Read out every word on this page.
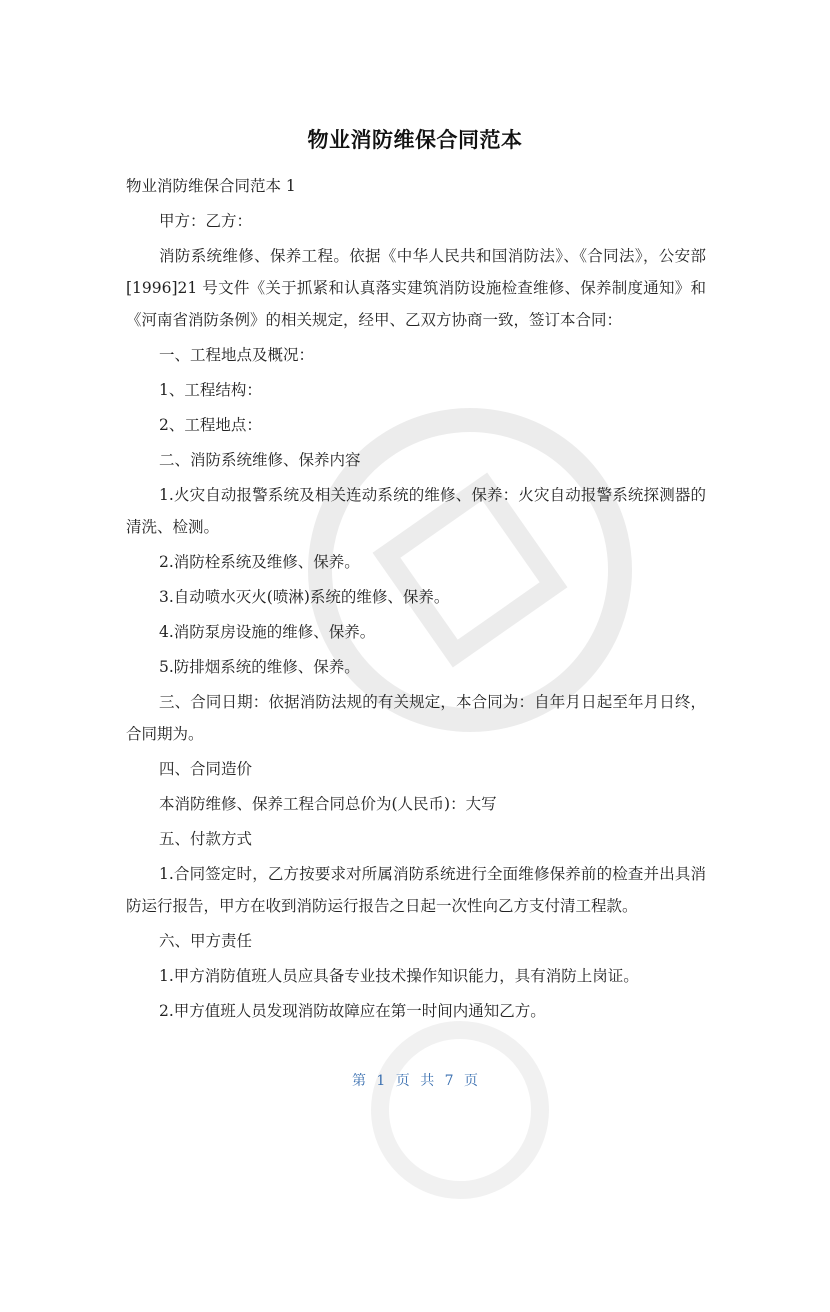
物业消防维保合同范本

物业消防维保合同范本 1

甲方：乙方：

消防系统维修、保养工程。依据《中华人民共和国消防法》、《合同法》，公安部[1996]21 号文件《关于抓紧和认真落实建筑消防设施检查维修、保养制度通知》和《河南省消防条例》的相关规定，经甲、乙双方协商一致，签订本合同：

一、工程地点及概况：

1、工程结构：

2、工程地点：

二、消防系统维修、保养内容

1.火灾自动报警系统及相关连动系统的维修、保养：火灾自动报警系统探测器的清洗、检测。

2.消防栓系统及维修、保养。

3.自动喷水灭火(喷淋)系统的维修、保养。

4.消防泵房设施的维修、保养。

5.防排烟系统的维修、保养。

三、合同日期：依据消防法规的有关规定，本合同为：自年月日起至年月日终，合同期为。

四、合同造价

本消防维修、保养工程合同总价为(人民币)：大写

五、付款方式

1.合同签定时，乙方按要求对所属消防系统进行全面维修保养前的检查并出具消防运行报告，甲方在收到消防运行报告之日起一次性向乙方支付清工程款。

六、甲方责任

1.甲方消防值班人员应具备专业技术操作知识能力，具有消防上岗证。

2.甲方值班人员发现消防故障应在第一时间内通知乙方。

第 1 页 共 7 页
